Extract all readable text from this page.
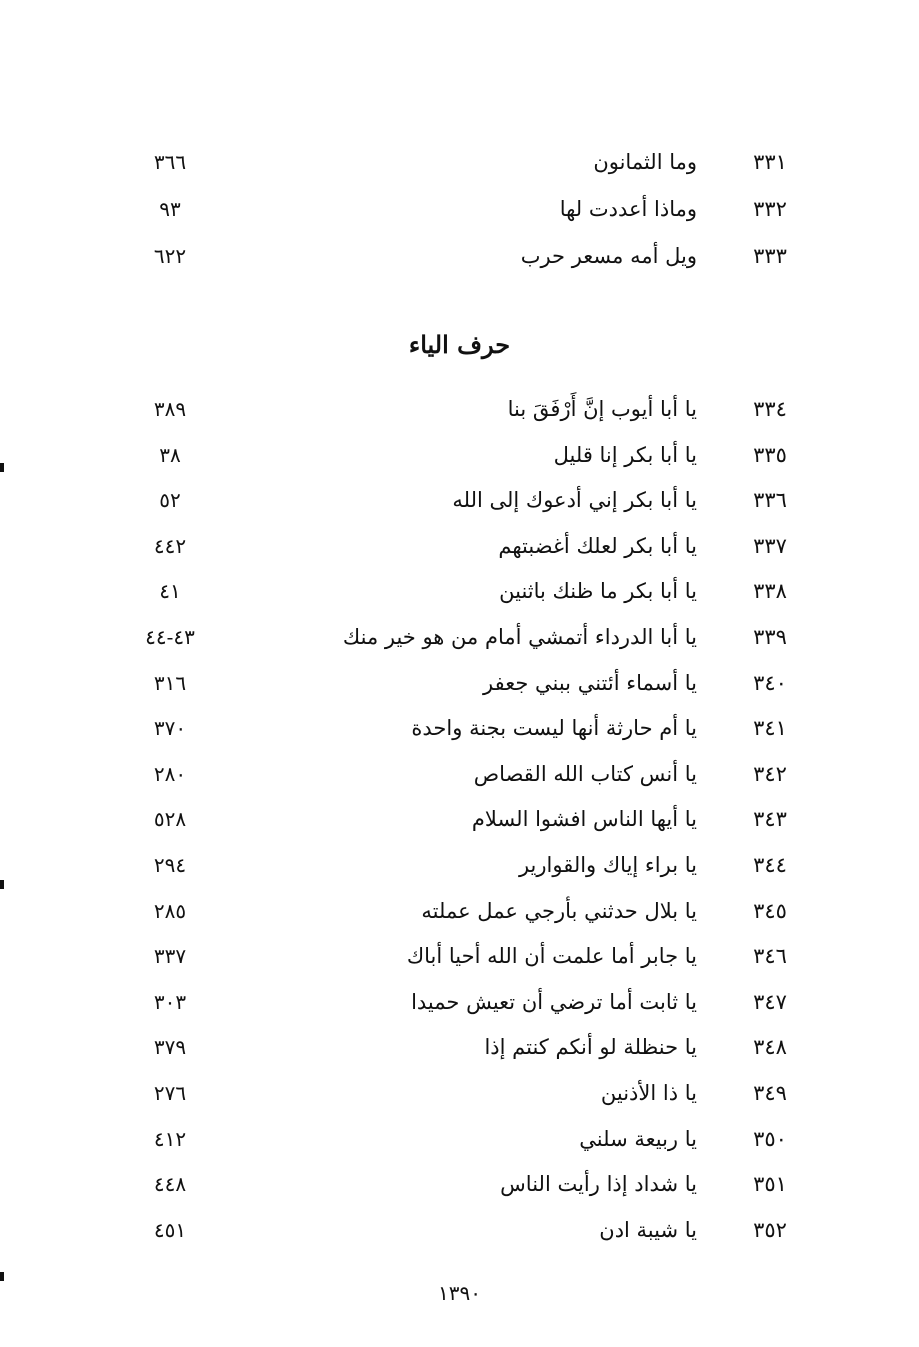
٣٣١
وما الثمانون
٣٦٦
٣٣٢
وماذا أعددت لها
٩٣
٣٣٣
ويل أمه مسعر حرب
٦٢٢
حرف الياء
٣٣٤
يا أبا أيوب إنَّ أَرْفَقَ بنا
٣٨٩
٣٣٥
يا أبا بكر إنا قليل
٣٨
٣٣٦
يا أبا بكر إني أدعوك إلى الله
٥٢
٣٣٧
يا أبا بكر لعلك أغضبتهم
٤٤٢
٣٣٨
يا أبا بكر ما ظنك باثنين
٤١
٣٣٩
يا أبا الدرداء أتمشي أمام من هو خير منك
٤٣-٤٤
٣٤٠
يا أسماء أئتني ببني جعفر
٣١٦
٣٤١
يا أم حارثة أنها ليست بجنة واحدة
٣٧٠
٣٤٢
يا أنس كتاب الله القصاص
٢٨٠
٣٤٣
يا أيها الناس افشوا السلام
٥٢٨
٣٤٤
يا براء إياك والقوارير
٢٩٤
٣٤٥
يا بلال حدثني بأرجي عمل عملته
٢٨٥
٣٤٦
يا جابر أما علمت أن الله أحيا أباك
٣٣٧
٣٤٧
يا ثابت أما ترضي أن تعيش حميدا
٣٠٣
٣٤٨
يا حنظلة لو أنكم كنتم إذا
٣٧٩
٣٤٩
يا ذا الأذنين
٢٧٦
٣٥٠
يا ربيعة سلني
٤١٢
٣٥١
يا شداد إذا رأيت الناس
٤٤٨
٣٥٢
يا شيبة ادن
٤٥١
١٣٩٠
